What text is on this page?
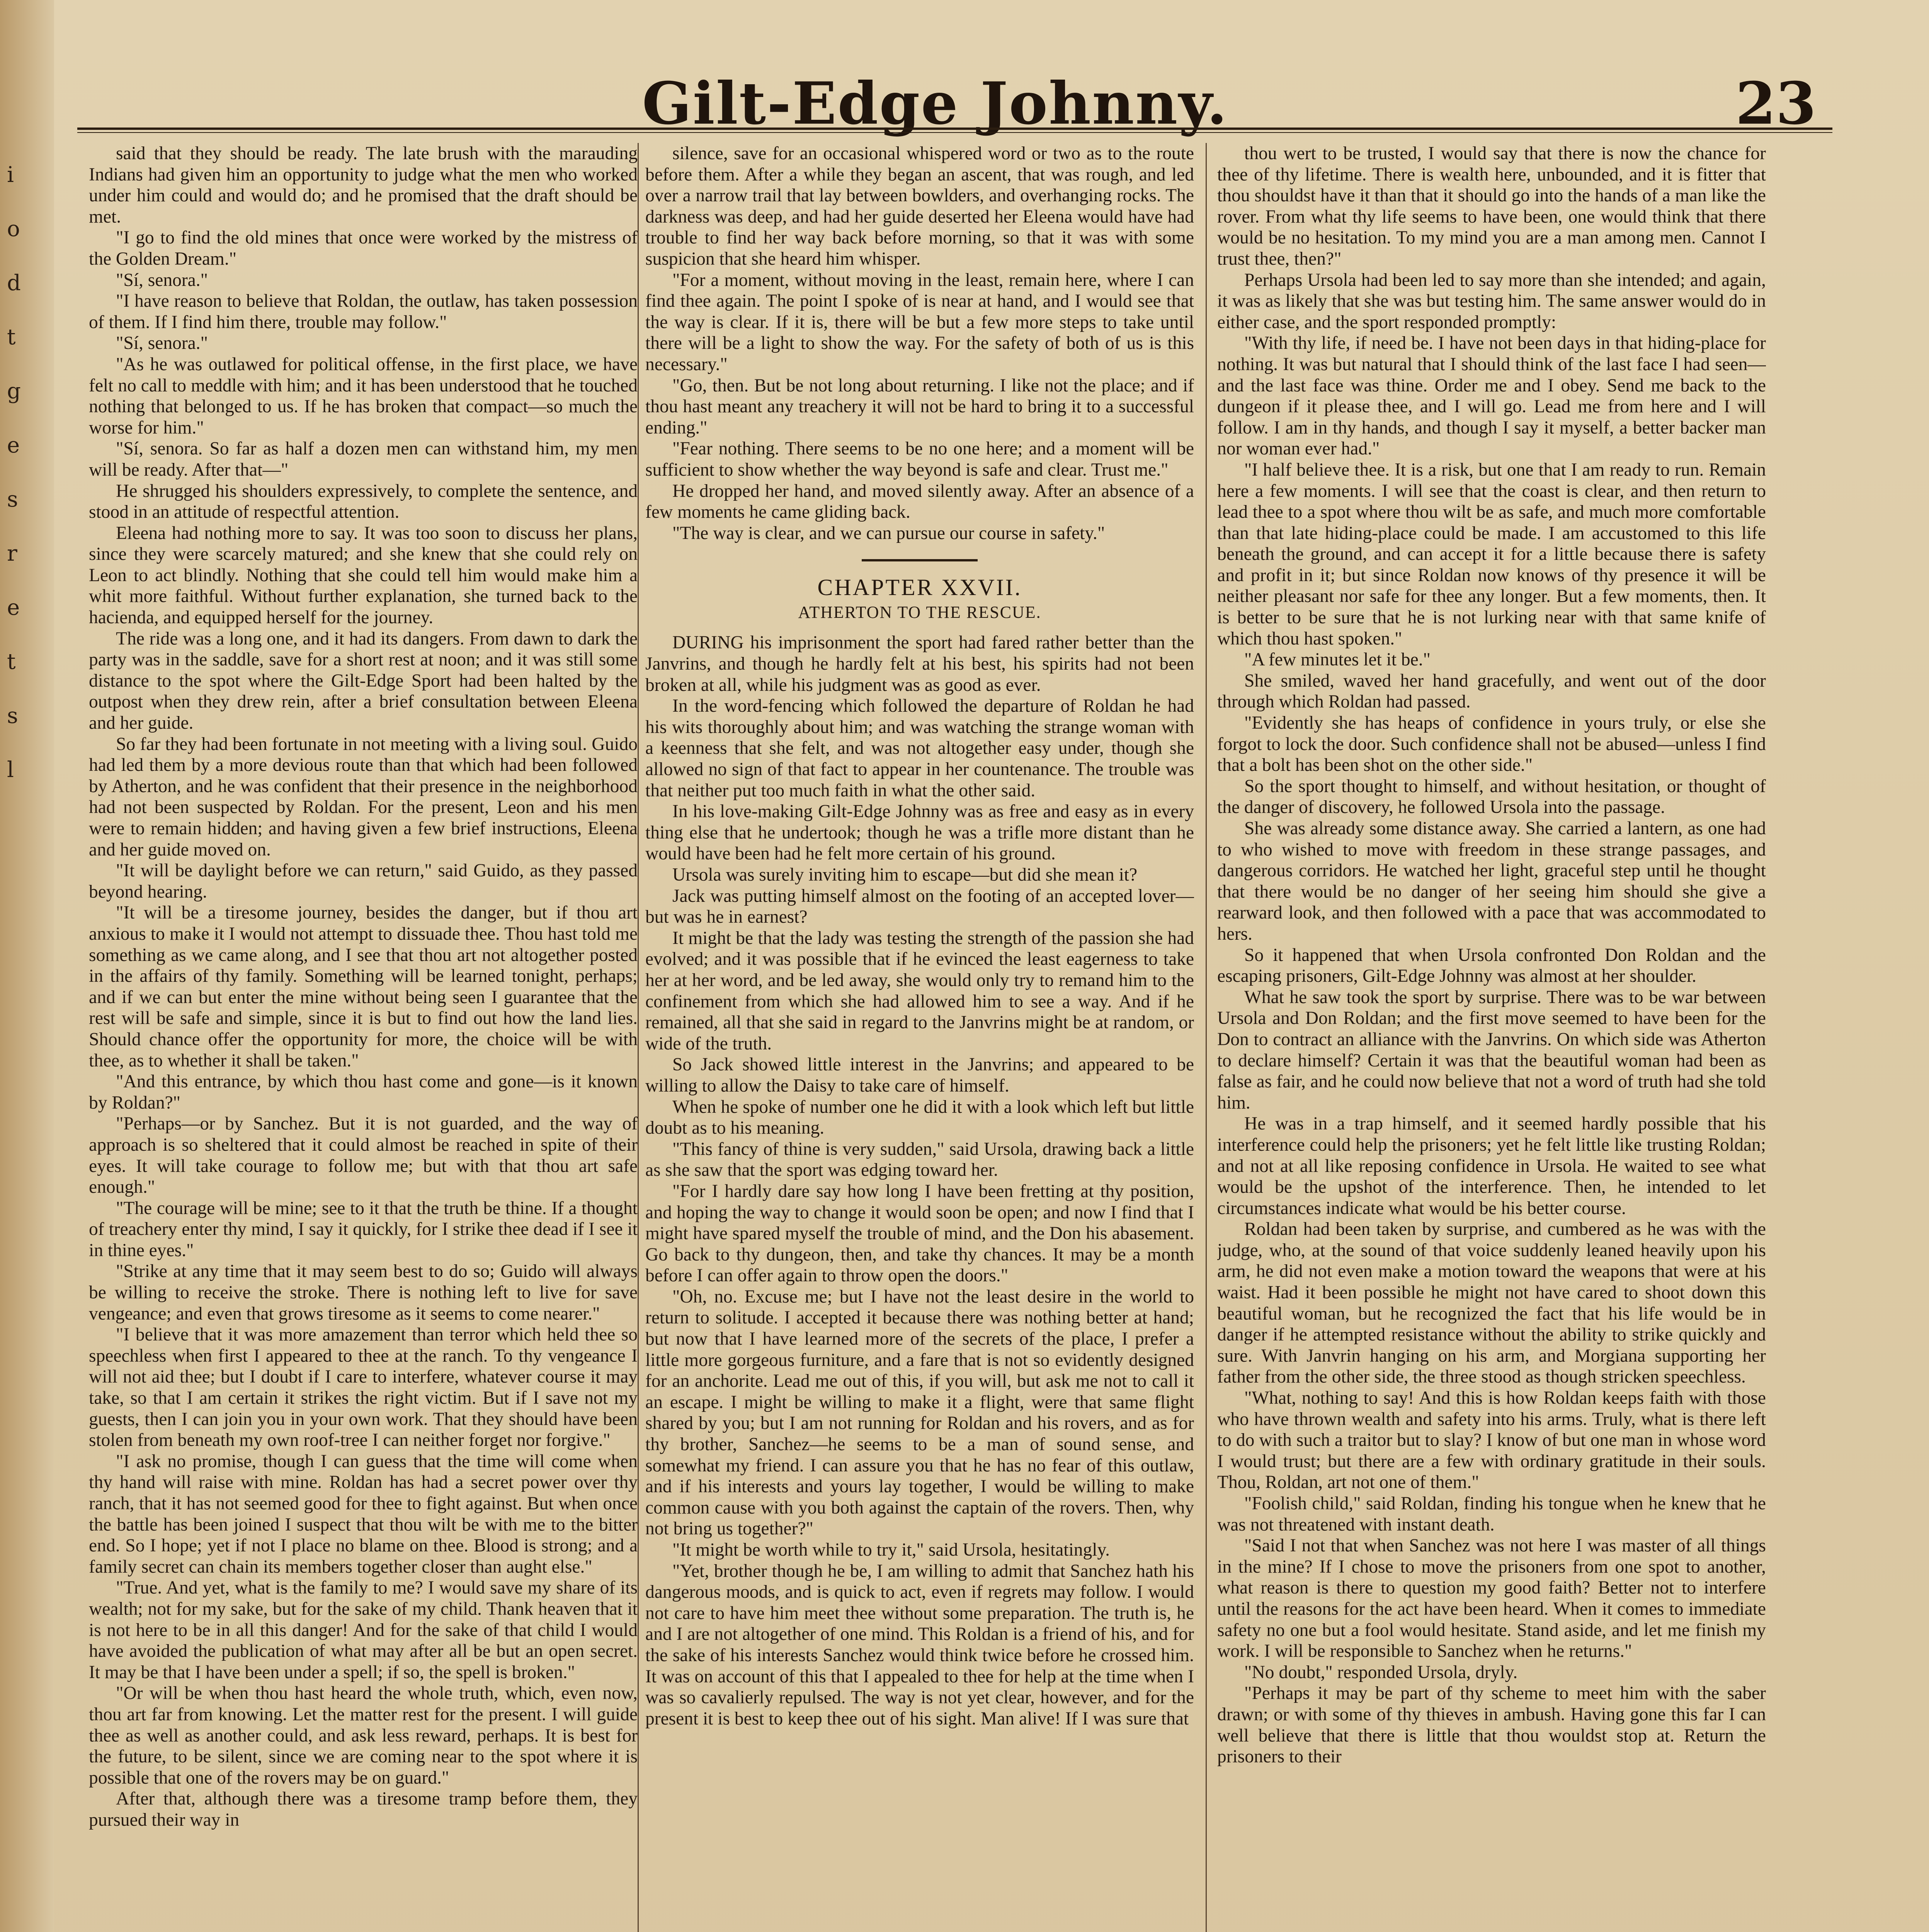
i
o
d
t
g
e
s
r
e
t
s
l
Gilt-Edge Johnny.	23

said that they should be ready. The late brush with the marauding Indians had given him an opportunity to judge what the men who worked under him could and would do; and he promised that the draft should be met.

"I go to find the old mines that once were worked by the mistress of the Golden Dream."

"Sí, senora."

"I have reason to believe that Roldan, the outlaw, has taken possession of them. If I find him there, trouble may follow."

"Sí, senora."

"As he was outlawed for political offense, in the first place, we have felt no call to meddle with him; and it has been understood that he touched nothing that belonged to us. If he has broken that compact—so much the worse for him."

"Sí, senora. So far as half a dozen men can withstand him, my men will be ready. After that—"

He shrugged his shoulders expressively, to complete the sentence, and stood in an attitude of respectful attention.

Eleena had nothing more to say. It was too soon to discuss her plans, since they were scarcely matured; and she knew that she could rely on Leon to act blindly. Nothing that she could tell him would make him a whit more faithful. Without further explanation, she turned back to the hacienda, and equipped herself for the journey.

The ride was a long one, and it had its dangers. From dawn to dark the party was in the saddle, save for a short rest at noon; and it was still some distance to the spot where the Gilt-Edge Sport had been halted by the outpost when they drew rein, after a brief consultation between Eleena and her guide.

So far they had been fortunate in not meeting with a living soul. Guido had led them by a more devious route than that which had been followed by Atherton, and he was confident that their presence in the neighborhood had not been suspected by Roldan. For the present, Leon and his men were to remain hidden; and having given a few brief instructions, Eleena and her guide moved on.

"It will be daylight before we can return," said Guido, as they passed beyond hearing.

"It will be a tiresome journey, besides the danger, but if thou art anxious to make it I would not attempt to dissuade thee. Thou hast told me something as we came along, and I see that thou art not altogether posted in the affairs of thy family. Something will be learned tonight, perhaps; and if we can but enter the mine without being seen I guarantee that the rest will be safe and simple, since it is but to find out how the land lies. Should chance offer the opportunity for more, the choice will be with thee, as to whether it shall be taken."

"And this entrance, by which thou hast come and gone—is it known by Roldan?"

"Perhaps—or by Sanchez. But it is not guarded, and the way of approach is so sheltered that it could almost be reached in spite of their eyes. It will take courage to follow me; but with that thou art safe enough."

"The courage will be mine; see to it that the truth be thine. If a thought of treachery enter thy mind, I say it quickly, for I strike thee dead if I see it in thine eyes."

"Strike at any time that it may seem best to do so; Guido will always be willing to receive the stroke. There is nothing left to live for save vengeance; and even that grows tiresome as it seems to come nearer."

"I believe that it was more amazement than terror which held thee so speechless when first I appeared to thee at the ranch. To thy vengeance I will not aid thee; but I doubt if I care to interfere, whatever course it may take, so that I am certain it strikes the right victim. But if I save not my guests, then I can join you in your own work. That they should have been stolen from beneath my own roof-tree I can neither forget nor forgive."

"I ask no promise, though I can guess that the time will come when thy hand will raise with mine. Roldan has had a secret power over thy ranch, that it has not seemed good for thee to fight against. But when once the battle has been joined I suspect that thou wilt be with me to the bitter end. So I hope; yet if not I place no blame on thee. Blood is strong; and a family secret can chain its members together closer than aught else."

"True. And yet, what is the family to me? I would save my share of its wealth; not for my sake, but for the sake of my child. Thank heaven that it is not here to be in all this danger! And for the sake of that child I would have avoided the publication of what may after all be but an open secret. It may be that I have been under a spell; if so, the spell is broken."

"Or will be when thou hast heard the whole truth, which, even now, thou art far from knowing. Let the matter rest for the present. I will guide thee as well as another could, and ask less reward, perhaps. It is best for the future, to be silent, since we are coming near to the spot where it is possible that one of the rovers may be on guard."

After that, although there was a tiresome tramp before them, they pursued their way in

silence, save for an occasional whispered word or two as to the route before them. After a while they began an ascent, that was rough, and led over a narrow trail that lay between bowlders, and overhanging rocks. The darkness was deep, and had her guide deserted her Eleena would have had trouble to find her way back before morning, so that it was with some suspicion that she heard him whisper.

"For a moment, without moving in the least, remain here, where I can find thee again. The point I spoke of is near at hand, and I would see that the way is clear. If it is, there will be but a few more steps to take until there will be a light to show the way. For the safety of both of us is this necessary."

"Go, then. But be not long about returning. I like not the place; and if thou hast meant any treachery it will not be hard to bring it to a successful ending."

"Fear nothing. There seems to be no one here; and a moment will be sufficient to show whether the way beyond is safe and clear. Trust me."

He dropped her hand, and moved silently away. After an absence of a few moments he came gliding back.

"The way is clear, and we can pursue our course in safety."

CHAPTER XXVII.

ATHERTON TO THE RESCUE.

DURING his imprisonment the sport had fared rather better than the Janvrins, and though he hardly felt at his best, his spirits had not been broken at all, while his judgment was as good as ever.

In the word-fencing which followed the departure of Roldan he had his wits thoroughly about him; and was watching the strange woman with a keenness that she felt, and was not altogether easy under, though she allowed no sign of that fact to appear in her countenance. The trouble was that neither put too much faith in what the other said.

In his love-making Gilt-Edge Johnny was as free and easy as in every thing else that he undertook; though he was a trifle more distant than he would have been had he felt more certain of his ground.

Ursola was surely inviting him to escape—but did she mean it?

Jack was putting himself almost on the footing of an accepted lover—but was he in earnest?

It might be that the lady was testing the strength of the passion she had evolved; and it was possible that if he evinced the least eagerness to take her at her word, and be led away, she would only try to remand him to the confinement from which she had allowed him to see a way. And if he remained, all that she said in regard to the Janvrins might be at random, or wide of the truth.

So Jack showed little interest in the Janvrins; and appeared to be willing to allow the Daisy to take care of himself.

When he spoke of number one he did it with a look which left but little doubt as to his meaning.

"This fancy of thine is very sudden," said Ursola, drawing back a little as she saw that the sport was edging toward her.

"For I hardly dare say how long I have been fretting at thy position, and hoping the way to change it would soon be open; and now I find that I might have spared myself the trouble of mind, and the Don his abasement. Go back to thy dungeon, then, and take thy chances. It may be a month before I can offer again to throw open the doors."

"Oh, no. Excuse me; but I have not the least desire in the world to return to solitude. I accepted it because there was nothing better at hand; but now that I have learned more of the secrets of the place, I prefer a little more gorgeous furniture, and a fare that is not so evidently designed for an anchorite. Lead me out of this, if you will, but ask me not to call it an escape. I might be willing to make it a flight, were that same flight shared by you; but I am not running for Roldan and his rovers, and as for thy brother, Sanchez—he seems to be a man of sound sense, and somewhat my friend. I can assure you that he has no fear of this outlaw, and if his interests and yours lay together, I would be willing to make common cause with you both against the captain of the rovers. Then, why not bring us together?"

"It might be worth while to try it," said Ursola, hesitatingly.

"Yet, brother though he be, I am willing to admit that Sanchez hath his dangerous moods, and is quick to act, even if regrets may follow. I would not care to have him meet thee without some preparation. The truth is, he and I are not altogether of one mind. This Roldan is a friend of his, and for the sake of his interests Sanchez would think twice before he crossed him. It was on account of this that I appealed to thee for help at the time when I was so cavalierly repulsed. The way is not yet clear, however, and for the present it is best to keep thee out of his sight. Man alive! If I was sure that

thou wert to be trusted, I would say that there is now the chance for thee of thy lifetime. There is wealth here, unbounded, and it is fitter that thou shouldst have it than that it should go into the hands of a man like the rover. From what thy life seems to have been, one would think that there would be no hesitation. To my mind you are a man among men. Cannot I trust thee, then?"

Perhaps Ursola had been led to say more than she intended; and again, it was as likely that she was but testing him. The same answer would do in either case, and the sport responded promptly:

"With thy life, if need be. I have not been days in that hiding-place for nothing. It was but natural that I should think of the last face I had seen—and the last face was thine. Order me and I obey. Send me back to the dungeon if it please thee, and I will go. Lead me from here and I will follow. I am in thy hands, and though I say it myself, a better backer man nor woman ever had."

"I half believe thee. It is a risk, but one that I am ready to run. Remain here a few moments. I will see that the coast is clear, and then return to lead thee to a spot where thou wilt be as safe, and much more comfortable than that late hiding-place could be made. I am accustomed to this life beneath the ground, and can accept it for a little because there is safety and profit in it; but since Roldan now knows of thy presence it will be neither pleasant nor safe for thee any longer. But a few moments, then. It is better to be sure that he is not lurking near with that same knife of which thou hast spoken."

"A few minutes let it be."

She smiled, waved her hand gracefully, and went out of the door through which Roldan had passed.

"Evidently she has heaps of confidence in yours truly, or else she forgot to lock the door. Such confidence shall not be abused—unless I find that a bolt has been shot on the other side."

So the sport thought to himself, and without hesitation, or thought of the danger of discovery, he followed Ursola into the passage.

She was already some distance away. She carried a lantern, as one had to who wished to move with freedom in these strange passages, and dangerous corridors. He watched her light, graceful step until he thought that there would be no danger of her seeing him should she give a rearward look, and then followed with a pace that was accommodated to hers.

So it happened that when Ursola confronted Don Roldan and the escaping prisoners, Gilt-Edge Johnny was almost at her shoulder.

What he saw took the sport by surprise. There was to be war between Ursola and Don Roldan; and the first move seemed to have been for the Don to contract an alliance with the Janvrins. On which side was Atherton to declare himself? Certain it was that the beautiful woman had been as false as fair, and he could now believe that not a word of truth had she told him.

He was in a trap himself, and it seemed hardly possible that his interference could help the prisoners; yet he felt little like trusting Roldan; and not at all like reposing confidence in Ursola. He waited to see what would be the upshot of the interference. Then, he intended to let circumstances indicate what would be his better course.

Roldan had been taken by surprise, and cumbered as he was with the judge, who, at the sound of that voice suddenly leaned heavily upon his arm, he did not even make a motion toward the weapons that were at his waist. Had it been possible he might not have cared to shoot down this beautiful woman, but he recognized the fact that his life would be in danger if he attempted resistance without the ability to strike quickly and sure. With Janvrin hanging on his arm, and Morgiana supporting her father from the other side, the three stood as though stricken speechless.

"What, nothing to say! And this is how Roldan keeps faith with those who have thrown wealth and safety into his arms. Truly, what is there left to do with such a traitor but to slay? I know of but one man in whose word I would trust; but there are a few with ordinary gratitude in their souls. Thou, Roldan, art not one of them."

"Foolish child," said Roldan, finding his tongue when he knew that he was not threatened with instant death.

"Said I not that when Sanchez was not here I was master of all things in the mine? If I chose to move the prisoners from one spot to another, what reason is there to question my good faith? Better not to interfere until the reasons for the act have been heard. When it comes to immediate safety no one but a fool would hesitate. Stand aside, and let me finish my work. I will be responsible to Sanchez when he returns."

"No doubt," responded Ursola, dryly.

"Perhaps it may be part of thy scheme to meet him with the saber drawn; or with some of thy thieves in ambush. Having gone this far I can well believe that there is little that thou wouldst stop at. Return the prisoners to their
